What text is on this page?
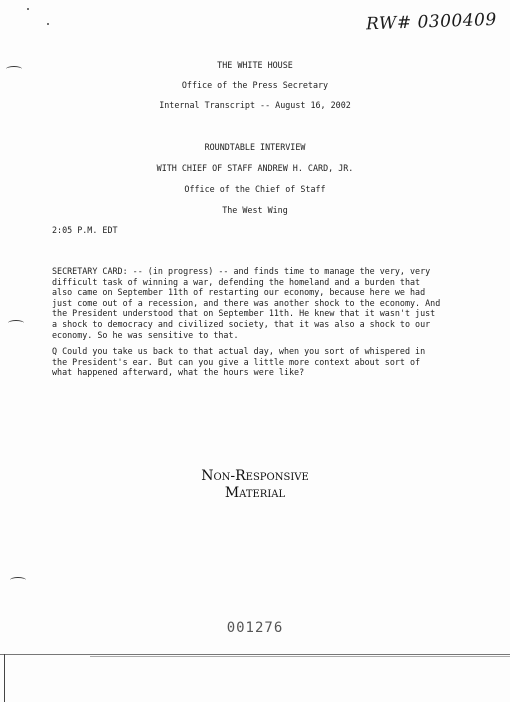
RW# 0300409
THE WHITE HOUSE
Office of the Press Secretary
Internal Transcript -- August 16, 2002
ROUNDTABLE INTERVIEW
WITH CHIEF OF STAFF ANDREW H. CARD, JR.
Office of the Chief of Staff
The West Wing
2:05 P.M. EDT
SECRETARY CARD: -- (in progress) -- and finds time to manage the very, very
difficult task of winning a war, defending the homeland and a burden that
also came on September 11th of restarting our economy, because here we had
just come out of a recession, and there was another shock to the economy. And
the President understood that on September 11th. He knew that it wasn't just
a shock to democracy and civilized society, that it was also a shock to our
economy. So he was sensitive to that.
Q Could you take us back to that actual day, when you sort of whispered in
the President's ear. But can you give a little more context about sort of
what happened afterward, what the hours were like?
Non-Responsive
Material
001276
